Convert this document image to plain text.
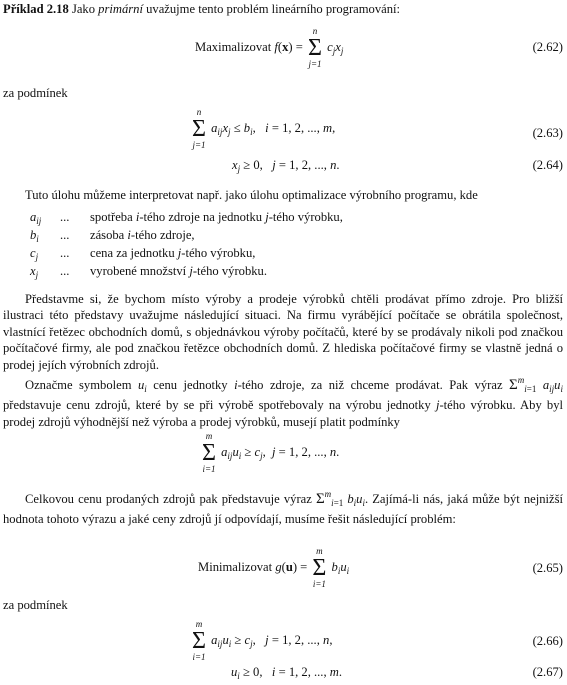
Příklad 2.18 Jako primární uvažujme tento problém lineárního programování:
Maximalizovat f(x) =
n
Σ
j=1
$c_jx_j$	(2.62)
za podmínek
n
Σ
j=1
$a_{ij}x_j \le b_i$,   i = 1, 2, ..., m,	(2.63)
$x_j \ge 0$,   j = 1, 2, ..., n.	(2.64)
Tuto úlohu můžeme interpretovat např. jako úlohu optimalizace výrobního programu, kde
$a_{ij}$ ... spotřeba i-tého zdroje na jednotku j-tého výrobku,
$b_i$ ... zásoba i-tého zdroje,
$c_j$ ... cena za jednotku j-tého výrobku,
$x_j$ ... vyrobené množství j-tého výrobku.
Představme si, že bychom místo výroby a prodeje výrobků chtěli prodávat přímo zdroje. Pro bližší ilustraci této představy uvažujme následující situaci. Na firmu vyrábějící počítače se obrátila společnost, vlastnící řetězec obchodních domů, s objednávkou výroby počítačů, které by se prodávaly nikoli pod značkou počítačové firmy, ale pod značkou řetězce obchodních domů. Z hlediska počítačové firmy se vlastně jedná o prodej jejích výrobních zdrojů.
Označme symbolem $u_i$ cenu jednotky i-tého zdroje, za niž chceme prodávat. Pak výraz $\Sigma^m_{i=1}$ $a_{ij}u_i$ představuje cenu zdrojů, které by se při výrobě spotřebovaly na výrobu jednotky j-tého výrobku. Aby byl prodej zdrojů výhodnější než výroba a prodej výrobků, musejí platit podmínky
m
Σ
i=1
$a_{ij}u_i \ge c_j$,  j = 1, 2, ..., n.
Celkovou cenu prodaných zdrojů pak představuje výraz $\Sigma^m_{i=1}$ $b_iu_i$. Zajímá-li nás, jaká může být nejnižší hodnota tohoto výrazu a jaké ceny zdrojů jí odpovídají, musíme řešit následující problém:
Minimalizovat g(u) =
m
Σ
i=1
$b_iu_i$	(2.65)
za podmínek
m
Σ
i=1
$a_{ij}u_i \ge c_j$,   j = 1, 2, ..., n,	(2.66)
$u_i \ge 0$,   i = 1, 2, ..., m.	(2.67)
